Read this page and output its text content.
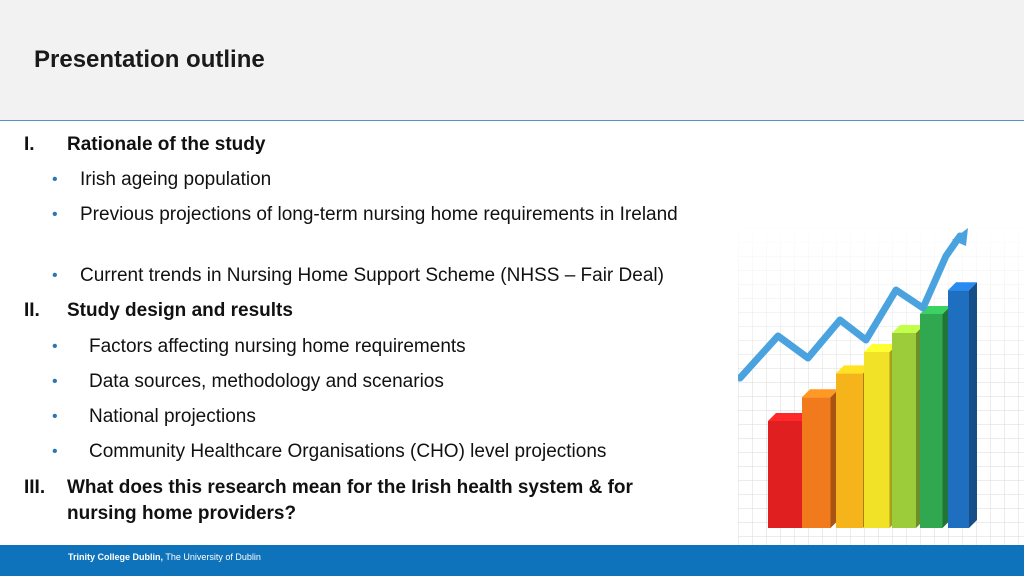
Presentation outline
I. Rationale of the study
• Irish ageing population
• Previous projections of long-term nursing home requirements in Ireland
• Current trends in Nursing Home Support Scheme (NHSS – Fair Deal)
II. Study design and results
• Factors affecting nursing home requirements
• Data sources, methodology and scenarios
• National projections
• Community Healthcare Organisations (CHO) level projections
III. What does this research mean for the Irish health system & for nursing home providers?
Trinity College Dublin, The University of Dublin
